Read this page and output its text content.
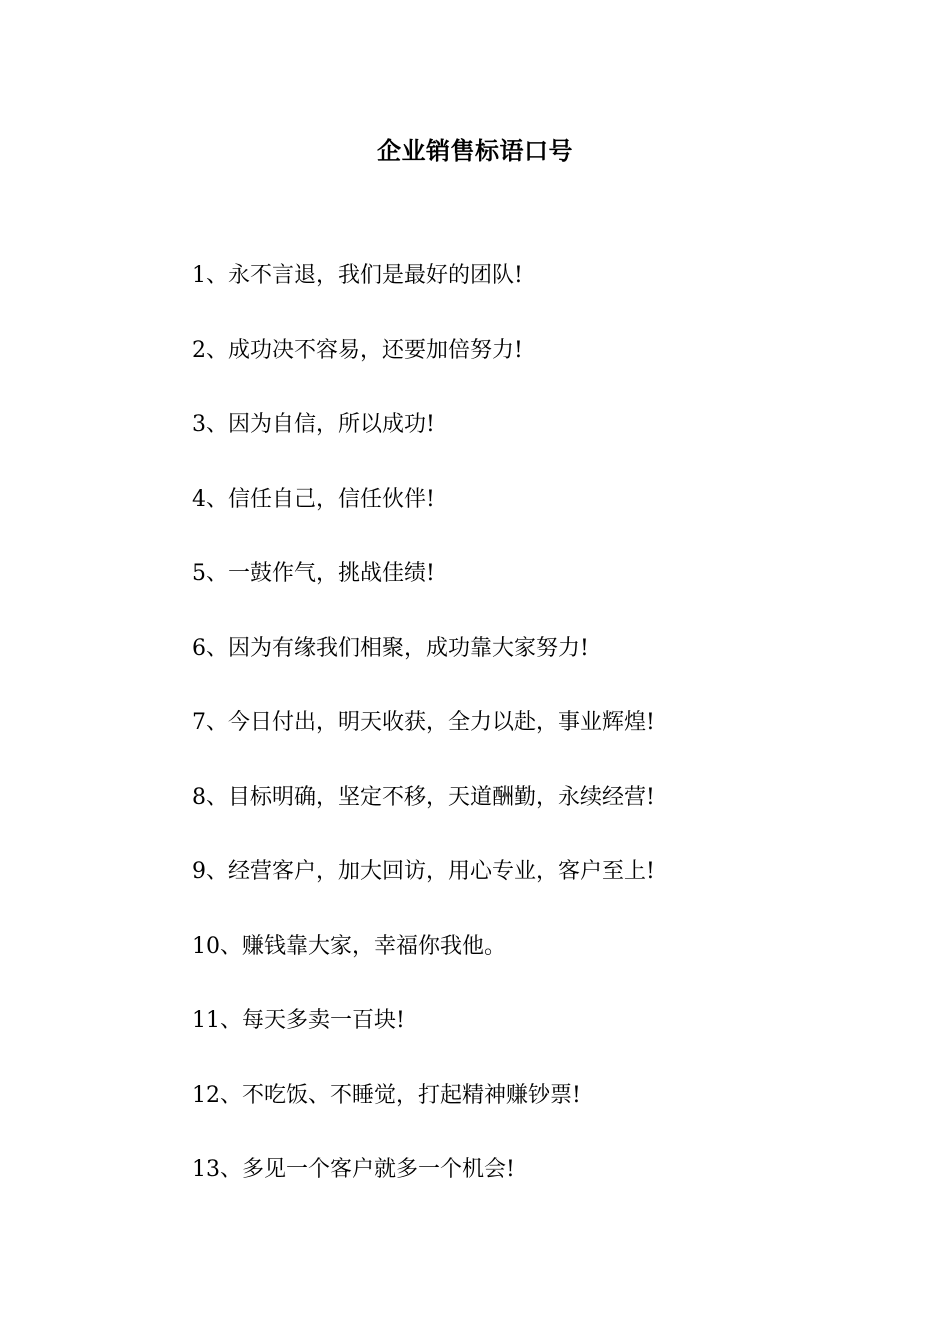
企业销售标语口号
1、永不言退，我们是最好的团队!
2、成功决不容易，还要加倍努力!
3、因为自信，所以成功!
4、信任自己，信任伙伴!
5、一鼓作气，挑战佳绩!
6、因为有缘我们相聚，成功靠大家努力!
7、今日付出，明天收获，全力以赴，事业辉煌!
8、目标明确，坚定不移，天道酬勤，永续经营!
9、经营客户，加大回访，用心专业，客户至上!
10、赚钱靠大家，幸福你我他。
11、每天多卖一百块!
12、不吃饭、不睡觉，打起精神赚钞票!
13、多见一个客户就多一个机会!
